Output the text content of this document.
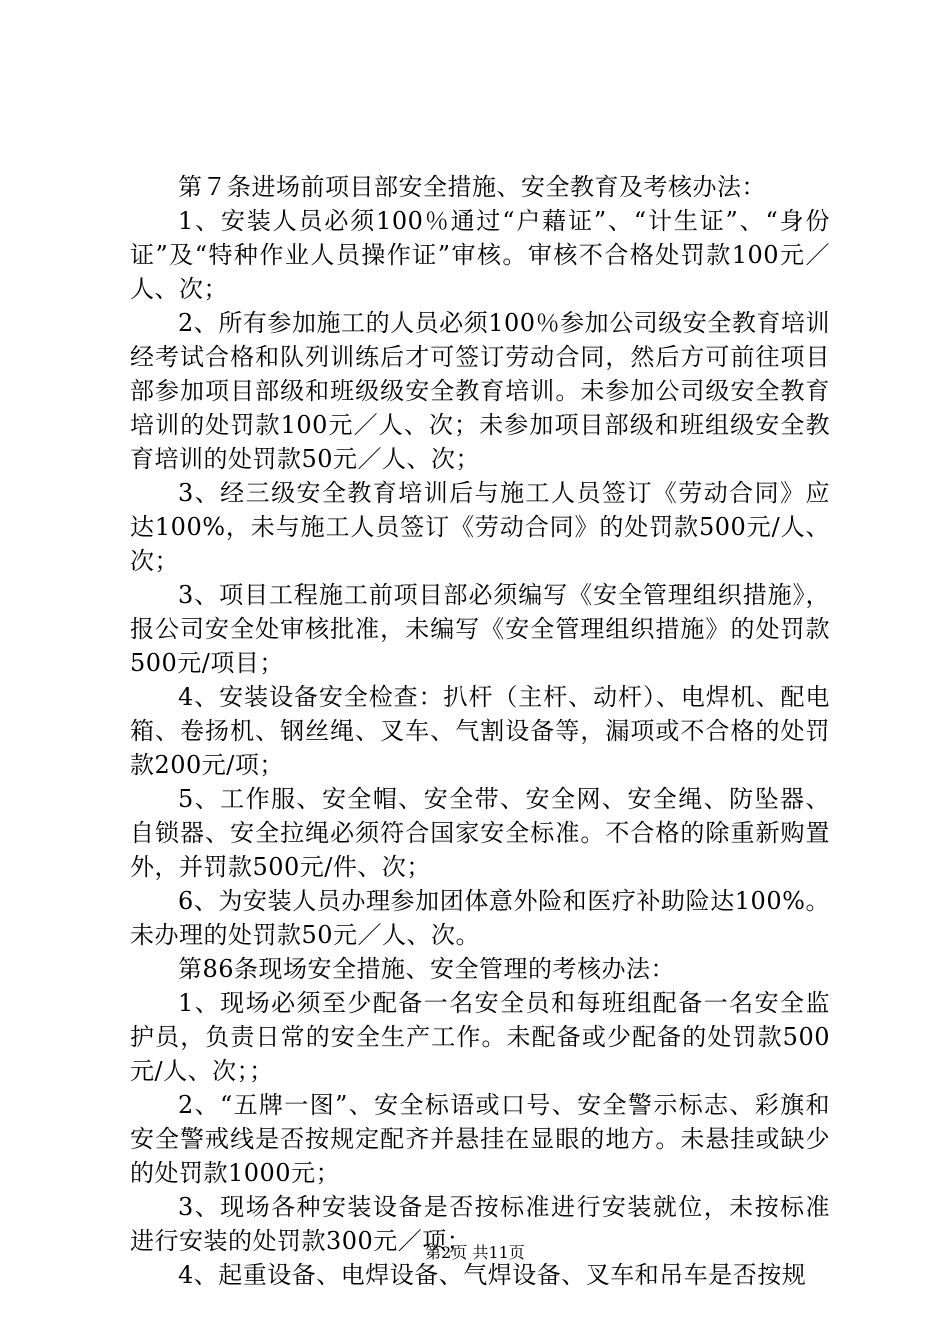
第７条进场前项目部安全措施、安全教育及考核办法：

1、安装人员必须100％通过“户藉证”、“计生证”、“身份证”及“特种作业人员操作证”审核。审核不合格处罚款100元／人、次；

2、所有参加施工的人员必须100％参加公司级安全教育培训经考试合格和队列训练后才可签订劳动合同，然后方可前往项目部参加项目部级和班级级安全教育培训。未参加公司级安全教育培训的处罚款100元／人、次；未参加项目部级和班组级安全教育培训的处罚款50元／人、次；

3、经三级安全教育培训后与施工人员签订《劳动合同》应达100%，未与施工人员签订《劳动合同》的处罚款500元/人、次；

3、项目工程施工前项目部必须编写《安全管理组织措施》，报公司安全处审核批准，未编写《安全管理组织措施》的处罚款500元/项目；

4、安装设备安全检查：扒杆（主杆、动杆）、电焊机、配电箱、卷扬机、钢丝绳、叉车、气割设备等，漏项或不合格的处罚款200元/项；

5、工作服、安全帽、安全带、安全网、安全绳、防坠器、自锁器、安全拉绳必须符合国家安全标准。不合格的除重新购置外，并罚款500元/件、次；

6、为安装人员办理参加团体意外险和医疗补助险达100%。未办理的处罚款50元／人、次。

第86条现场安全措施、安全管理的考核办法：

1、现场必须至少配备一名安全员和每班组配备一名安全监护员，负责日常的安全生产工作。未配备或少配备的处罚款500元/人、次；；

2、“五牌一图”、安全标语或口号、安全警示标志、彩旗和安全警戒线是否按规定配齐并悬挂在显眼的地方。未悬挂或缺少的处罚款1000元；

3、现场各种安装设备是否按标准进行安装就位，未按标准进行安装的处罚款300元／项；

4、起重设备、电焊设备、气焊设备、叉车和吊车是否按规

第2页 共11页
